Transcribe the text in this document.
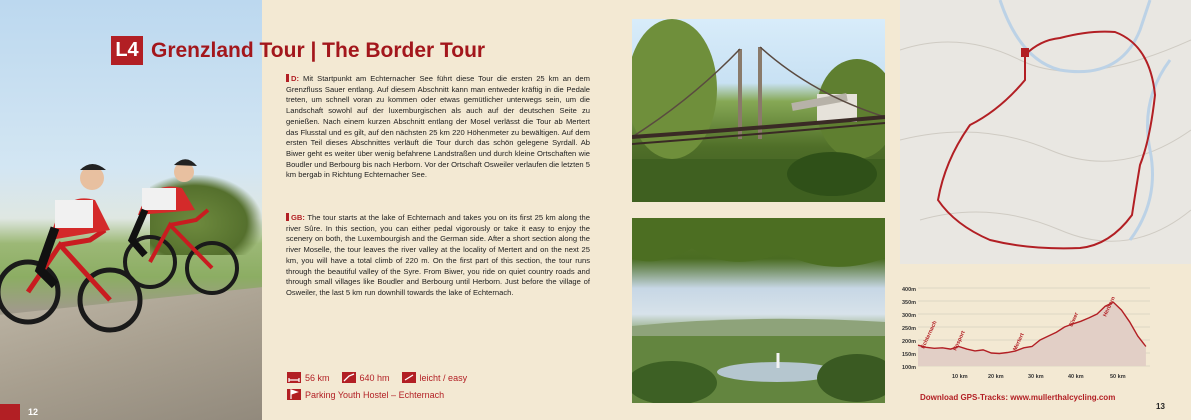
12
L4 Grenzland Tour | The Border Tour
D: Mit Startpunkt am Echternacher See führt diese Tour die ersten 25 km an dem Grenzfluss Sauer entlang. Auf diesem Abschnitt kann man entweder kräftig in die Pedale treten, um schnell voran zu kommen oder etwas gemütlicher unterwegs sein, um die Landschaft sowohl auf der luxemburgischen als auch auf der deutschen Seite zu genießen. Nach einem kurzen Abschnitt entlang der Mosel verlässt die Tour ab Mertert das Flusstal und es gilt, auf den nächsten 25 km 220 Höhenmeter zu bewältigen. Auf dem ersten Teil dieses Abschnittes verläuft die Tour durch das schön gelegene Syrdall. Ab Biwer geht es weiter über wenig befahrene Landstraßen und durch kleine Ortschaften wie Boudler und Berbourg bis nach Herborn. Vor der Ortschaft Osweiler verlaufen die letzten 5 km bergab in Richtung Echternacher See.
GB: The tour starts at the lake of Echternach and takes you on its first 25 km along the river Sûre. In this section, you can either pedal vigorously or take it easy to enjoy the scenery on both, the Luxembourgish and the German side. After a short section along the river Moselle, the tour leaves the river valley at the locality of Mertert and on the next 25 km, you will have a total climb of 220 m. On the first part of this section, the tour runs through the beautiful valley of the Syre. From Biwer, you ride on quiet country roads and through small villages like Boudler and Berbourg until Herborn. Just before the village of Osweiler, the last 5 km run downhill towards the lake of Echternach.
56 km	640 hm	leicht / easy
Parking Youth Hostel – Echternach
400m
350m
300m
250m
200m
150m
100m
10 km	20 km	30 km	40 km	50 km
Echternach	Rosport	Mertert
Biwer
Herborn
Download GPS-Tracks: www.mullerthalcycling.com
13
